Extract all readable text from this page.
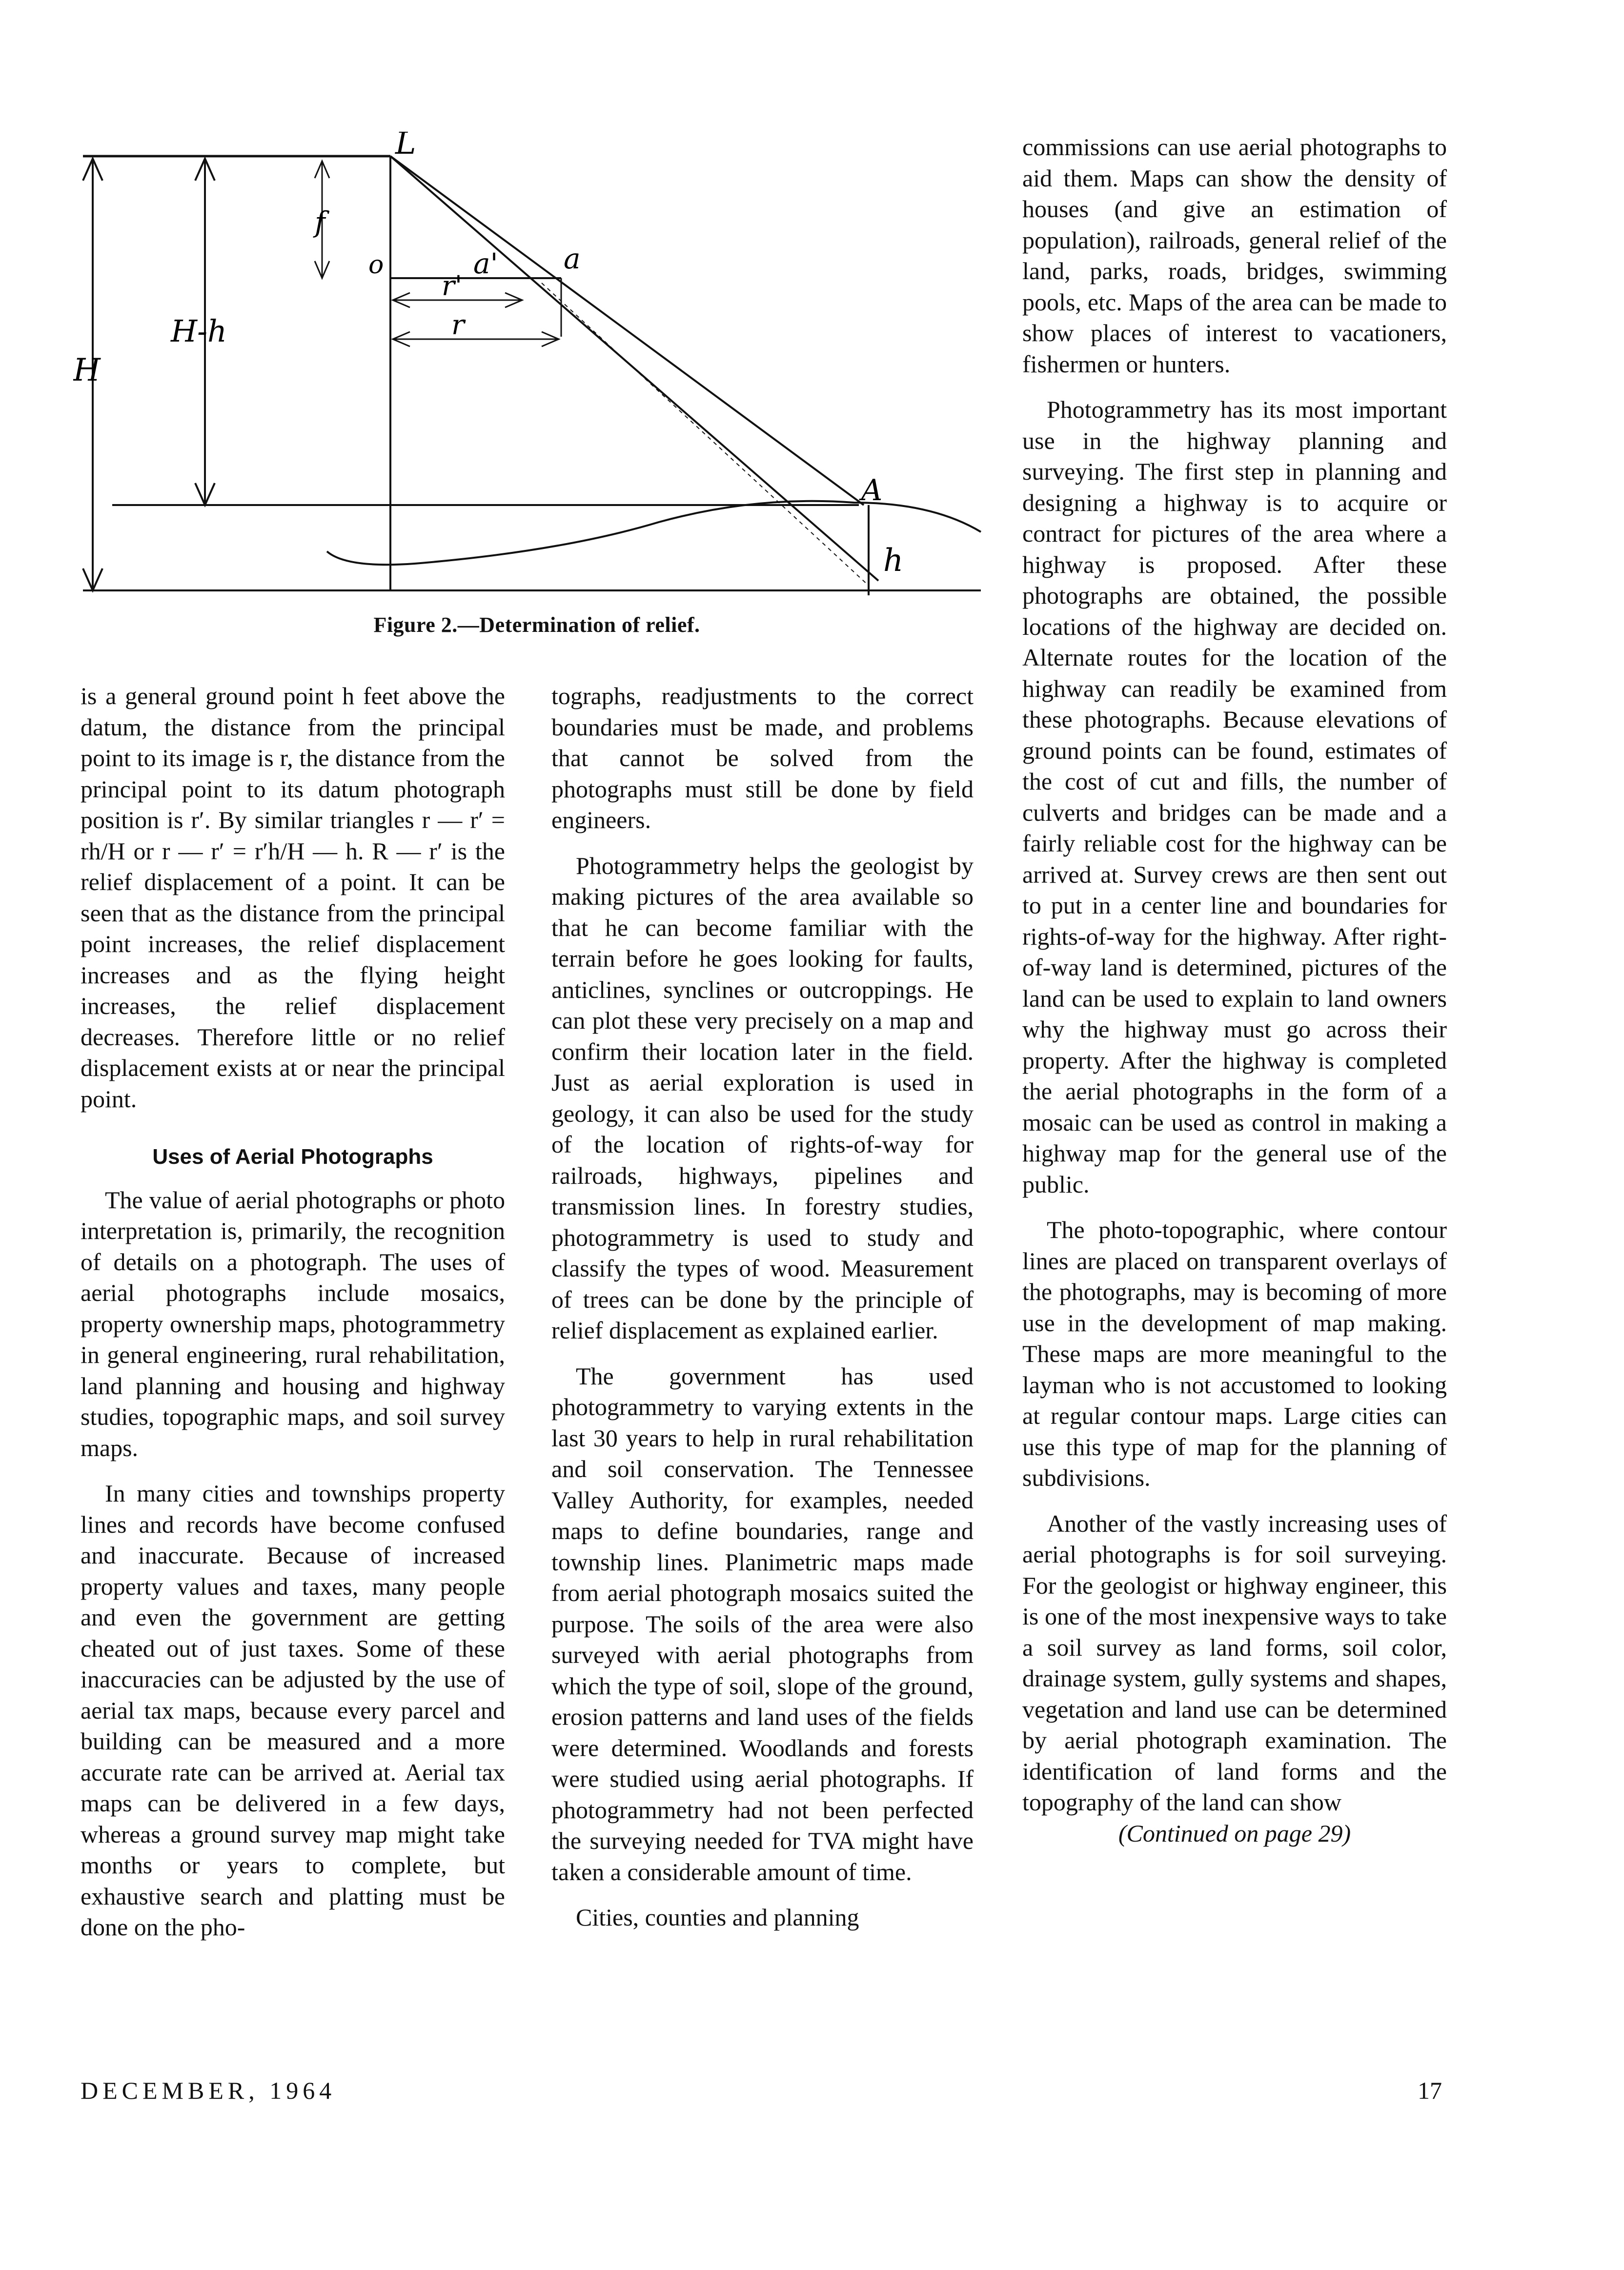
L
f
o	a' a
r'
r
H-h
H
A
h
Figure 2.—Determination of relief.

is a general ground point h feet above the datum, the distance from the principal point to its image is r, the distance from the principal point to its datum photograph position is r′. By similar triangles r — r′ = rh/H or r — r′ = r′h/H — h. R — r′ is the relief displacement of a point. It can be seen that as the distance from the principal point increases, the relief displacement increases and as the flying height increases, the relief displacement decreases. Therefore little or no relief displacement exists at or near the principal point.

Uses of Aerial Photographs

The value of aerial photographs or photo interpretation is, primarily, the recognition of details on a photograph. The uses of aerial photographs include mosaics, property ownership maps, photogrammetry in general engineering, rural rehabilitation, land planning and housing and highway studies, topographic maps, and soil survey maps.

In many cities and townships property lines and records have become confused and inaccurate. Because of increased property values and taxes, many people and even the government are getting cheated out of just taxes. Some of these inaccuracies can be adjusted by the use of aerial tax maps, because every parcel and building can be measured and a more accurate rate can be arrived at. Aerial tax maps can be delivered in a few days, whereas a ground survey map might take months or years to complete, but exhaustive search and platting must be done on the pho-

tographs, readjustments to the correct boundaries must be made, and problems that cannot be solved from the photographs must still be done by field engineers.

Photogrammetry helps the geologist by making pictures of the area available so that he can become familiar with the terrain before he goes looking for faults, anticlines, synclines or outcroppings. He can plot these very precisely on a map and confirm their location later in the field. Just as aerial exploration is used in geology, it can also be used for the study of the location of rights-of-way for railroads, highways, pipelines and transmission lines. In forestry studies, photogrammetry is used to study and classify the types of wood. Measurement of trees can be done by the principle of relief displacement as explained earlier.

The government has used photogrammetry to varying extents in the last 30 years to help in rural rehabilitation and soil conservation. The Tennessee Valley Authority, for examples, needed maps to define boundaries, range and township lines. Planimetric maps made from aerial photograph mosaics suited the purpose. The soils of the area were also surveyed with aerial photographs from which the type of soil, slope of the ground, erosion patterns and land uses of the fields were determined. Woodlands and forests were studied using aerial photographs. If photogrammetry had not been perfected the surveying needed for TVA might have taken a considerable amount of time.

Cities, counties and planning

commissions can use aerial photographs to aid them. Maps can show the density of houses (and give an estimation of population), railroads, general relief of the land, parks, roads, bridges, swimming pools, etc. Maps of the area can be made to show places of interest to vacationers, fishermen or hunters.

Photogrammetry has its most important use in the highway planning and surveying. The first step in planning and designing a highway is to acquire or contract for pictures of the area where a highway is proposed. After these photographs are obtained, the possible locations of the highway are decided on. Alternate routes for the location of the highway can readily be examined from these photographs. Because elevations of ground points can be found, estimates of the cost of cut and fills, the number of culverts and bridges can be made and a fairly reliable cost for the highway can be arrived at. Survey crews are then sent out to put in a center line and boundaries for rights-of-way for the highway. After right-of-way land is determined, pictures of the land can be used to explain to land owners why the highway must go across their property. After the highway is completed the aerial photographs in the form of a mosaic can be used as control in making a highway map for the general use of the public.

The photo-topographic, where contour lines are placed on transparent overlays of the photographs, may is becoming of more use in the development of map making. These maps are more meaningful to the layman who is not accustomed to looking at regular contour maps. Large cities can use this type of map for the planning of subdivisions.

Another of the vastly increasing uses of aerial photographs is for soil surveying. For the geologist or highway engineer, this is one of the most inexpensive ways to take a soil survey as land forms, soil color, drainage system, gully systems and shapes, vegetation and land use can be determined by aerial photograph examination. The identification of land forms and the topography of the land can show

(Continued on page 29)

DECEMBER, 1964	17
